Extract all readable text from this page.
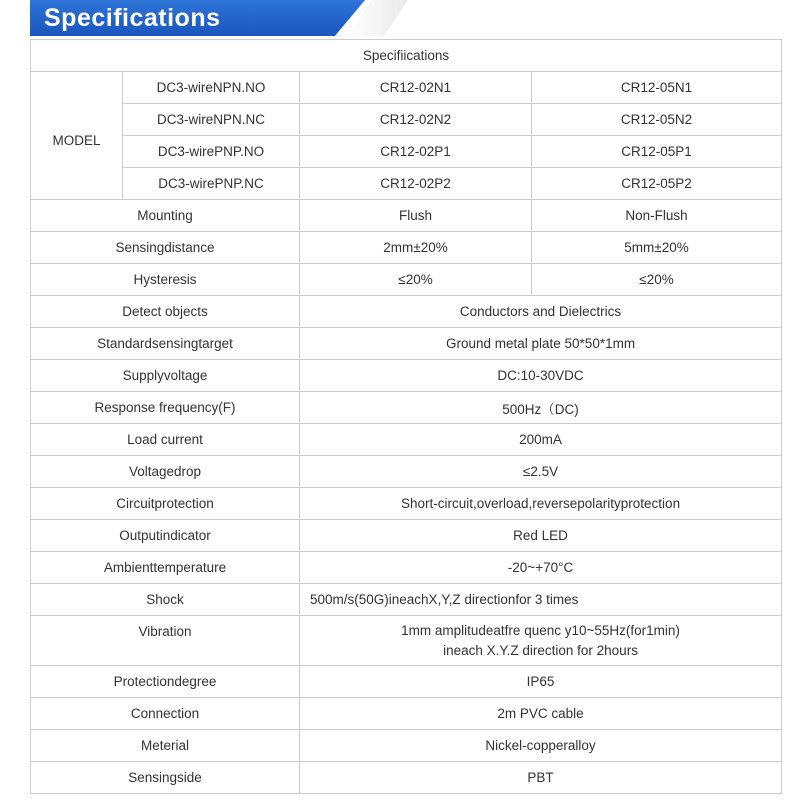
Specifications
Specifiications			
MODEL	DC3-wireNPN.NO	CR12-02N1	CR12-05N1
	DC3-wireNPN.NC	CR12-02N2	CR12-05N2
	DC3-wirePNP.NO	CR12-02P1	CR12-05P1
	DC3-wirePNP.NC	CR12-02P2	CR12-05P2
Mounting		Flush	Non-Flush
Sensingdistance		2mm±20%	5mm±20%
Hysteresis		≤20%	≤20%
Detect objects		Conductors and Dielectrics	
Standardsensingtarget		Ground metal plate 50*50*1mm	
Supplyvoltage		DC:10-30VDC	
Response frequency(F)		500Hz（DC)	
Load current		200mA	
Voltagedrop		≤2.5V	
Circuitprotection		Short-circuit,overload,reversepolarityprotection	
Outputindicator		Red LED	
Ambienttemperature		-20~+70°C	
Shock		500m/s(50G)ineachX,Y,Z directionfor 3 times	
Vibration		1mm amplitudeatfre quenc y10~55Hz(for1min)
ineach X.Y.Z direction for 2hours	

Protectiondegree		IP65	
Connection		2m PVC cable	
Meterial		Nickel-copperalloy	
Sensingside		PBT	
